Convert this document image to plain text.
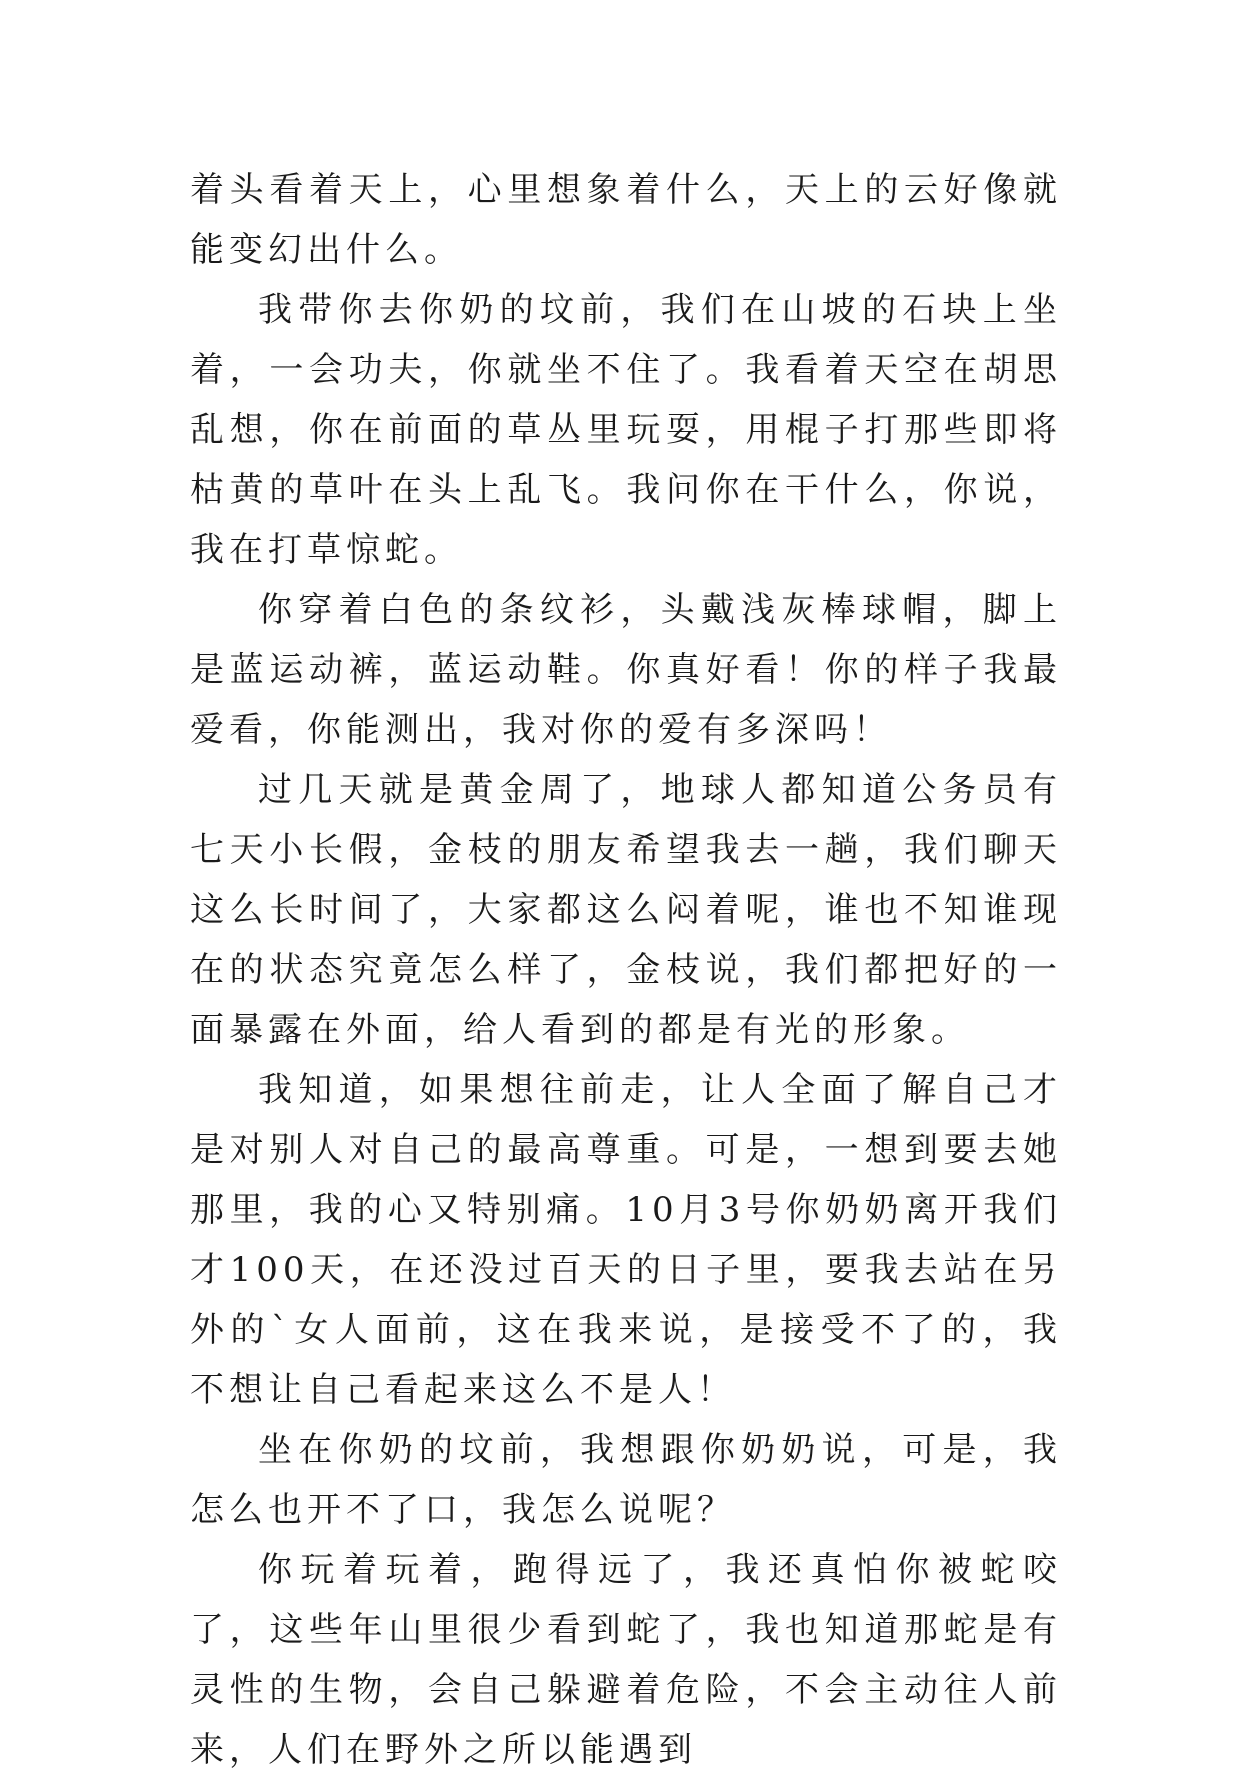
着头看着天上，心里想象着什么，天上的云好像就能变幻出什么。

我带你去你奶的坟前，我们在山坡的石块上坐着，一会功夫，你就坐不住了。我看着天空在胡思乱想，你在前面的草丛里玩耍，用棍子打那些即将枯黄的草叶在头上乱飞。我问你在干什么，你说，我在打草惊蛇。

你穿着白色的条纹衫，头戴浅灰棒球帽，脚上是蓝运动裤，蓝运动鞋。你真好看！你的样子我最爱看，你能测出，我对你的爱有多深吗！

过几天就是黄金周了，地球人都知道公务员有七天小长假，金枝的朋友希望我去一趟，我们聊天这么长时间了，大家都这么闷着呢，谁也不知谁现在的状态究竟怎么样了，金枝说，我们都把好的一面暴露在外面，给人看到的都是有光的形象。

我知道，如果想往前走，让人全面了解自己才是对别人对自己的最高尊重。可是，一想到要去她那里，我的心又特别痛。10月3号你奶奶离开我们才100天，在还没过百天的日子里，要我去站在另外的`女人面前，这在我来说，是接受不了的，我不想让自己看起来这么不是人！

坐在你奶的坟前，我想跟你奶奶说，可是，我怎么也开不了口，我怎么说呢？

你玩着玩着，跑得远了，我还真怕你被蛇咬了，这些年山里很少看到蛇了，我也知道那蛇是有灵性的生物，会自己躲避着危险，不会主动往人前来，人们在野外之所以能遇到
